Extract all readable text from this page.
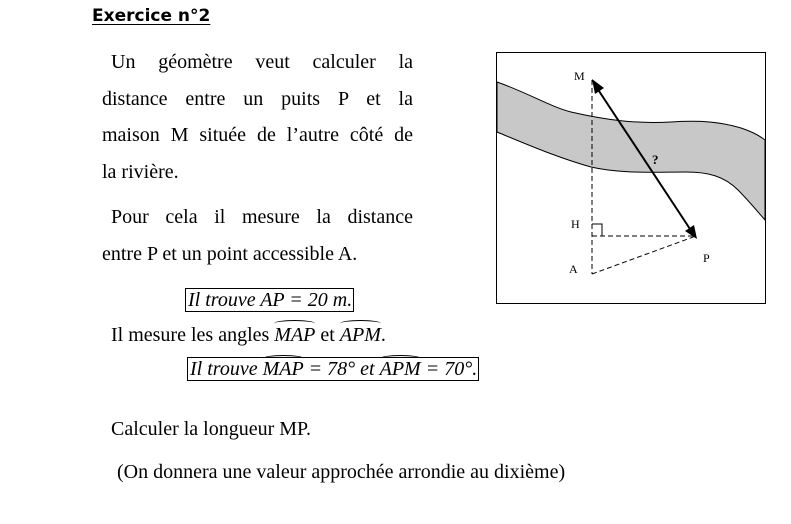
Exercice n°2
Un géomètre veut calculer la
distance entre un puits P et la
maison M située de l’autre côté de
la rivière.
Pour cela il mesure la distance
entre P et un point accessible A.
Il trouve AP = 20 m.
Il mesure les angles MAP et APM.
Il trouve MAP = 78° et APM = 70°.
Calculer la longueur MP.
(On donnera une valeur approchée arrondie au dixième)
M
H
A
P
?
